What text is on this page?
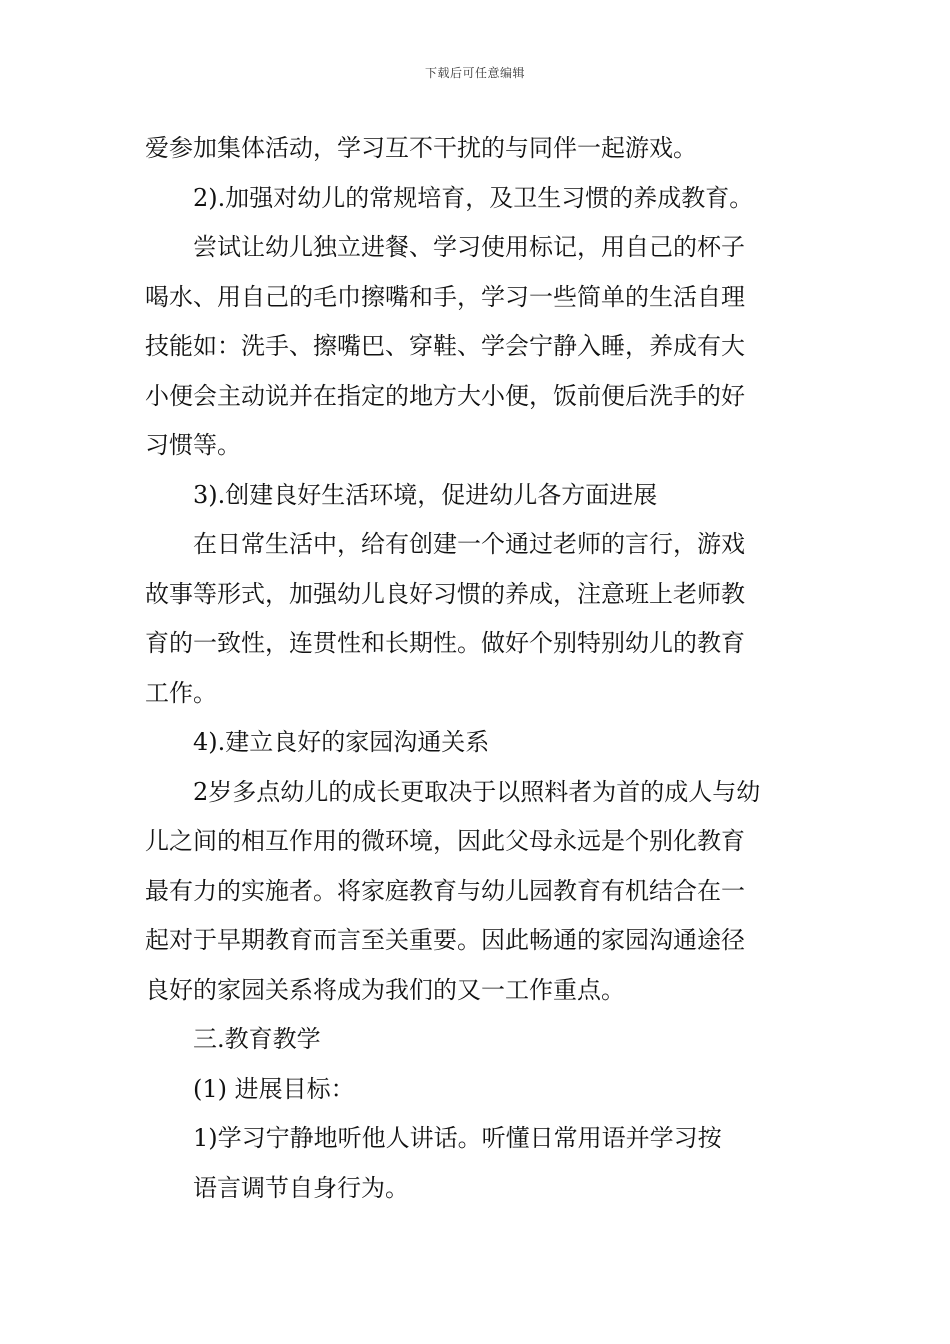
下载后可任意编辑
爱参加集体活动，学习互不干扰的与同伴一起游戏。
2).加强对幼儿的常规培育，及卫生习惯的养成教育。
尝试让幼儿独立进餐、学习使用标记，用自己的杯子
喝水、用自己的毛巾擦嘴和手，学习一些简单的生活自理
技能如：洗手、擦嘴巴、穿鞋、学会宁静入睡，养成有大
小便会主动说并在指定的地方大小便，饭前便后洗手的好
习惯等。
3).创建良好生活环境，促进幼儿各方面进展
在日常生活中，给有创建一个通过老师的言行，游戏
故事等形式，加强幼儿良好习惯的养成，注意班上老师教
育的一致性，连贯性和长期性。做好个别特别幼儿的教育
工作。
4).建立良好的家园沟通关系
2岁多点幼儿的成长更取决于以照料者为首的成人与幼
儿之间的相互作用的微环境，因此父母永远是个别化教育
最有力的实施者。将家庭教育与幼儿园教育有机结合在一
起对于早期教育而言至关重要。因此畅通的家园沟通途径
良好的家园关系将成为我们的又一工作重点。
三.教育教学
(1) 进展目标：
1)学习宁静地听他人讲话。听懂日常用语并学习按
语言调节自身行为。
